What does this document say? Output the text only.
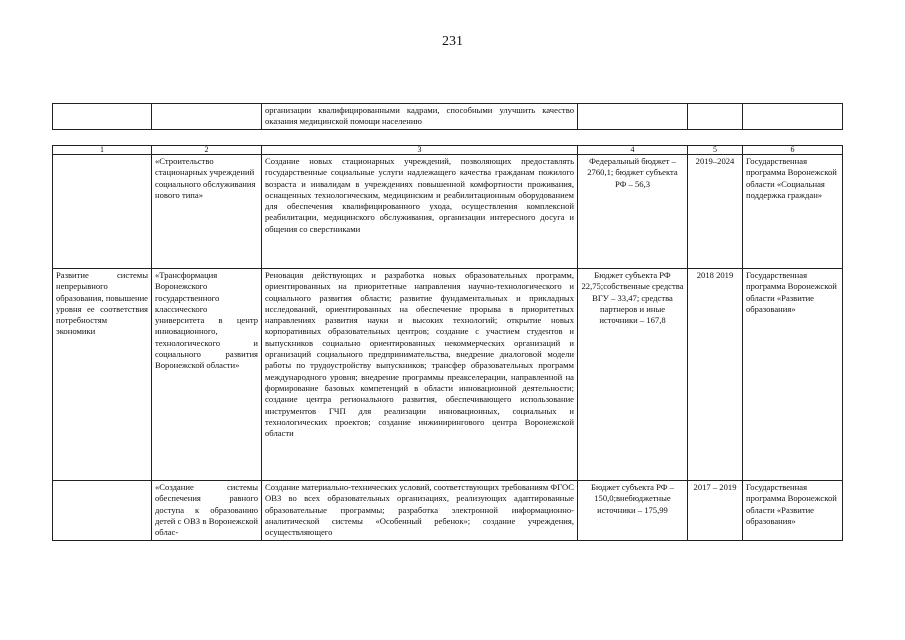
231

организации квалифицированными кадрами, способными улучшить качество оказания медицинской помощи населению

1	2	3	4	5	6
	«Строительство стационарных учреждений социального обслуживания нового типа»	Создание новых стационарных учреждений, позволяющих предоставлять государственные социальные услуги надлежащего качества гражданам пожилого возраста и инвалидам в учреждениях повышенной комфортности проживания, оснащенных технологическим, медицинским и реабилитационным оборудованием для обеспечения квалифицированного ухода, осуществления комплексной реабилитации, медицинского обслуживания, организации интересного досуга и общения со сверстниками	Федеральный бюджет – 2760,1; бюджет субъекта РФ – 56,3	2019–2024	Государственная программа Воронежской области «Социальная поддержка граждан»
Развитие системы непрерывного образования, повышение уровня ее соответствия потребностям экономики	«Трансформация Воронежского государственного классического университета в центр инновационного, технологического и социального развития Воронежской области»	Реновация действующих и разработка новых образовательных программ, ориентированных на приоритетные направления научно-технологического и социального развития области; развитие фундаментальных и прикладных исследований, ориентированных на обеспечение прорыва в приоритетных направлениях развития науки и высоких технологий; открытие новых корпоративных образовательных центров; создание с участием студентов и выпускников социально ориентированных некоммерческих организаций и организаций социального предпринимательства, внедрение диалоговой модели работы по трудоустройству выпускников; трансфер образовательных программ международного уровня; внедрение программы преакселерации, направленной на формирование базовых компетенций в области инновационной деятельности; создание центра регионального развития, обеспечивающего использование инструментов ГЧП для реализации инновационных, социальных и технологических проектов; создание инжинирингового центра Воронежской области	Бюджет субъекта РФ 22,75;собственные средства ВГУ – 33,47; средства партнеров и иные источники – 167,8	2018 2019	Государственная программа Воронежской области «Развитие образования»
	«Создание системы обеспечения равного доступа к образованию детей с ОВЗ в Воронежской облас-	Создание материально-технических условий, соответствующих требованиям ФГОС ОВЗ во всех образовательных организациях, реализующих адаптированные образовательные программы; разработка электронной информационно-аналитической системы «Особенный ребенок»; создание учреждения, осуществляющего	Бюджет субъекта РФ – 150,0;внебюджетные источники – 175,99	2017 – 2019	Государственная программа Воронежской области «Развитие образования»
